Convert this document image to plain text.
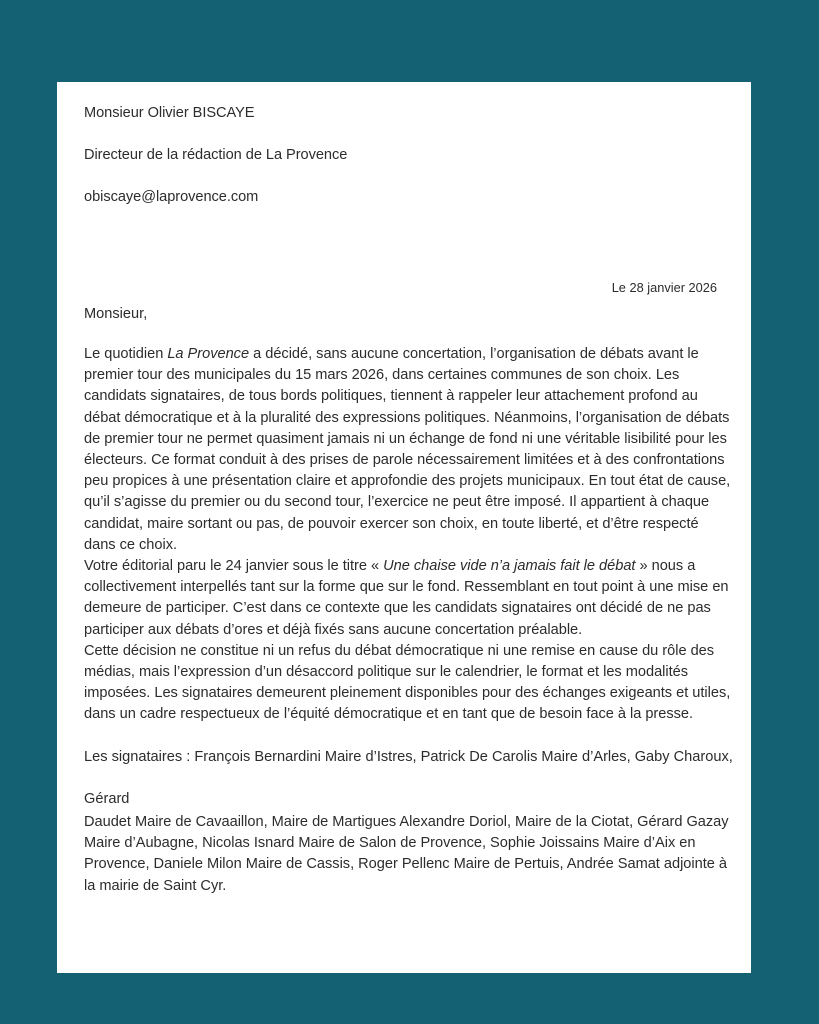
Monsieur Olivier BISCAYE

Directeur de la rédaction de La Provence

obiscaye@laprovence.com

Le 28 janvier 2026

Monsieur,

Le quotidien La Provence a décidé, sans aucune concertation, l’organisation de débats avant le premier tour des municipales du 15 mars 2026, dans certaines communes de son choix. Les candidats signataires, de tous bords politiques, tiennent à rappeler leur attachement profond au débat démocratique et à la pluralité des expressions politiques. Néanmoins, l’organisation de débats de premier tour ne permet quasiment jamais ni un échange de fond ni une véritable lisibilité pour les électeurs. Ce format conduit à des prises de parole nécessairement limitées et à des confrontations peu propices à une présentation claire et approfondie des projets municipaux. En tout état de cause, qu’il s’agisse du premier ou du second tour, l’exercice ne peut être imposé. Il appartient à chaque candidat, maire sortant ou pas, de pouvoir exercer son choix, en toute liberté, et d’être respecté dans ce choix.

Votre éditorial paru le 24 janvier sous le titre « Une chaise vide n’a jamais fait le débat » nous a collectivement interpellés tant sur la forme que sur le fond. Ressemblant en tout point à une mise en demeure de participer. C’est dans ce contexte que les candidats signataires ont décidé de ne pas participer aux débats d’ores et déjà fixés sans aucune concertation préalable.

Cette décision ne constitue ni un refus du débat démocratique ni une remise en cause du rôle des médias, mais l’expression d’un désaccord politique sur le calendrier, le format et les modalités imposées. Les signataires demeurent pleinement disponibles pour des échanges exigeants et utiles, dans un cadre respectueux de l’équité démocratique et en tant que de besoin face à la presse.

Les signataires : François Bernardini Maire d’Istres, Patrick De Carolis Maire d’Arles, Gaby Charoux,

Gérard

Daudet Maire de Cavaaillon, Maire de Martigues Alexandre Doriol, Maire de la Ciotat, Gérard Gazay Maire d’Aubagne, Nicolas Isnard Maire de Salon de Provence, Sophie Joissains Maire d’Aix en Provence, Daniele Milon Maire de Cassis, Roger Pellenc Maire de Pertuis, Andrée Samat adjointe à la mairie de Saint Cyr.
